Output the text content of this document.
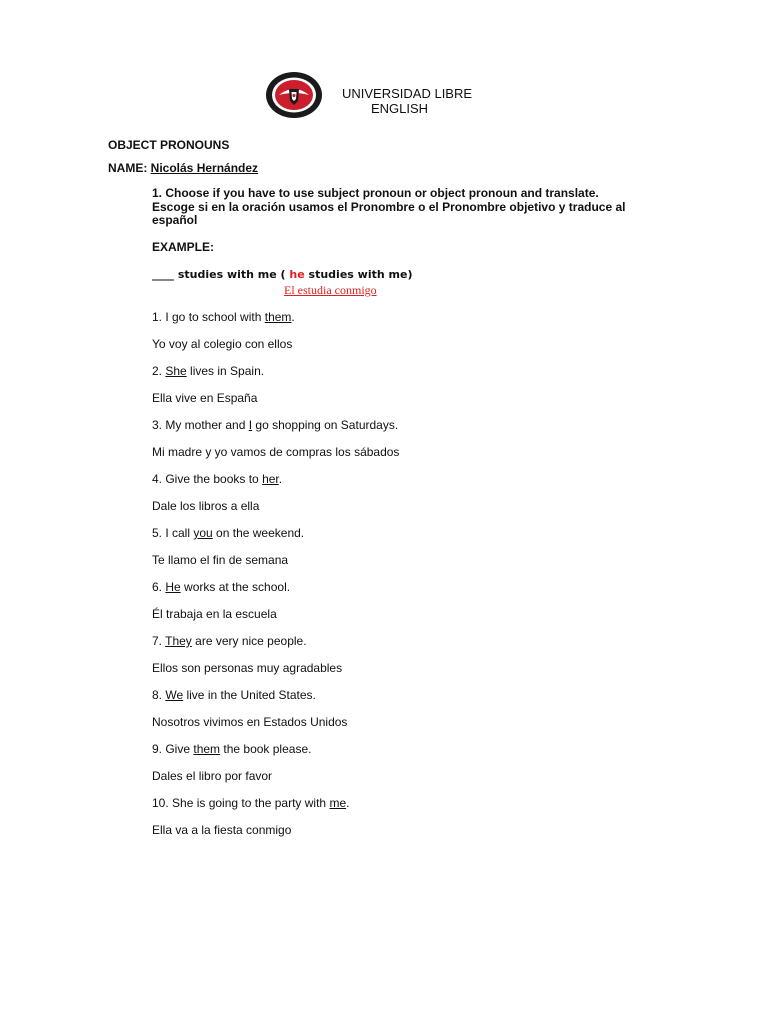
UNIVERSIDAD LIBRE
ENGLISH
OBJECT PRONOUNS
NAME: Nicolás Hernández
1. Choose if you have to use subject pronoun or object pronoun and translate. Escoge si en la oración usamos el Pronombre o el Pronombre objetivo y traduce al español
EXAMPLE:
____ studies with me ( he studies with me)
El estudia conmigo
1. I go to school with them.
Yo voy al colegio con ellos
2. She lives in Spain.
Ella vive en España
3. My mother and I go shopping on Saturdays.
Mi madre y yo vamos de compras los sábados
4. Give the books to her.
Dale los libros a ella
5. I call you on the weekend.
Te llamo el fin de semana
6. He works at the school.
Él trabaja en la escuela
7. They are very nice people.
Ellos son personas muy agradables
8. We live in the United States.
Nosotros vivimos en Estados Unidos
9. Give them the book please.
Dales el libro por favor
10. She is going to the party with me.
Ella va a la fiesta conmigo
